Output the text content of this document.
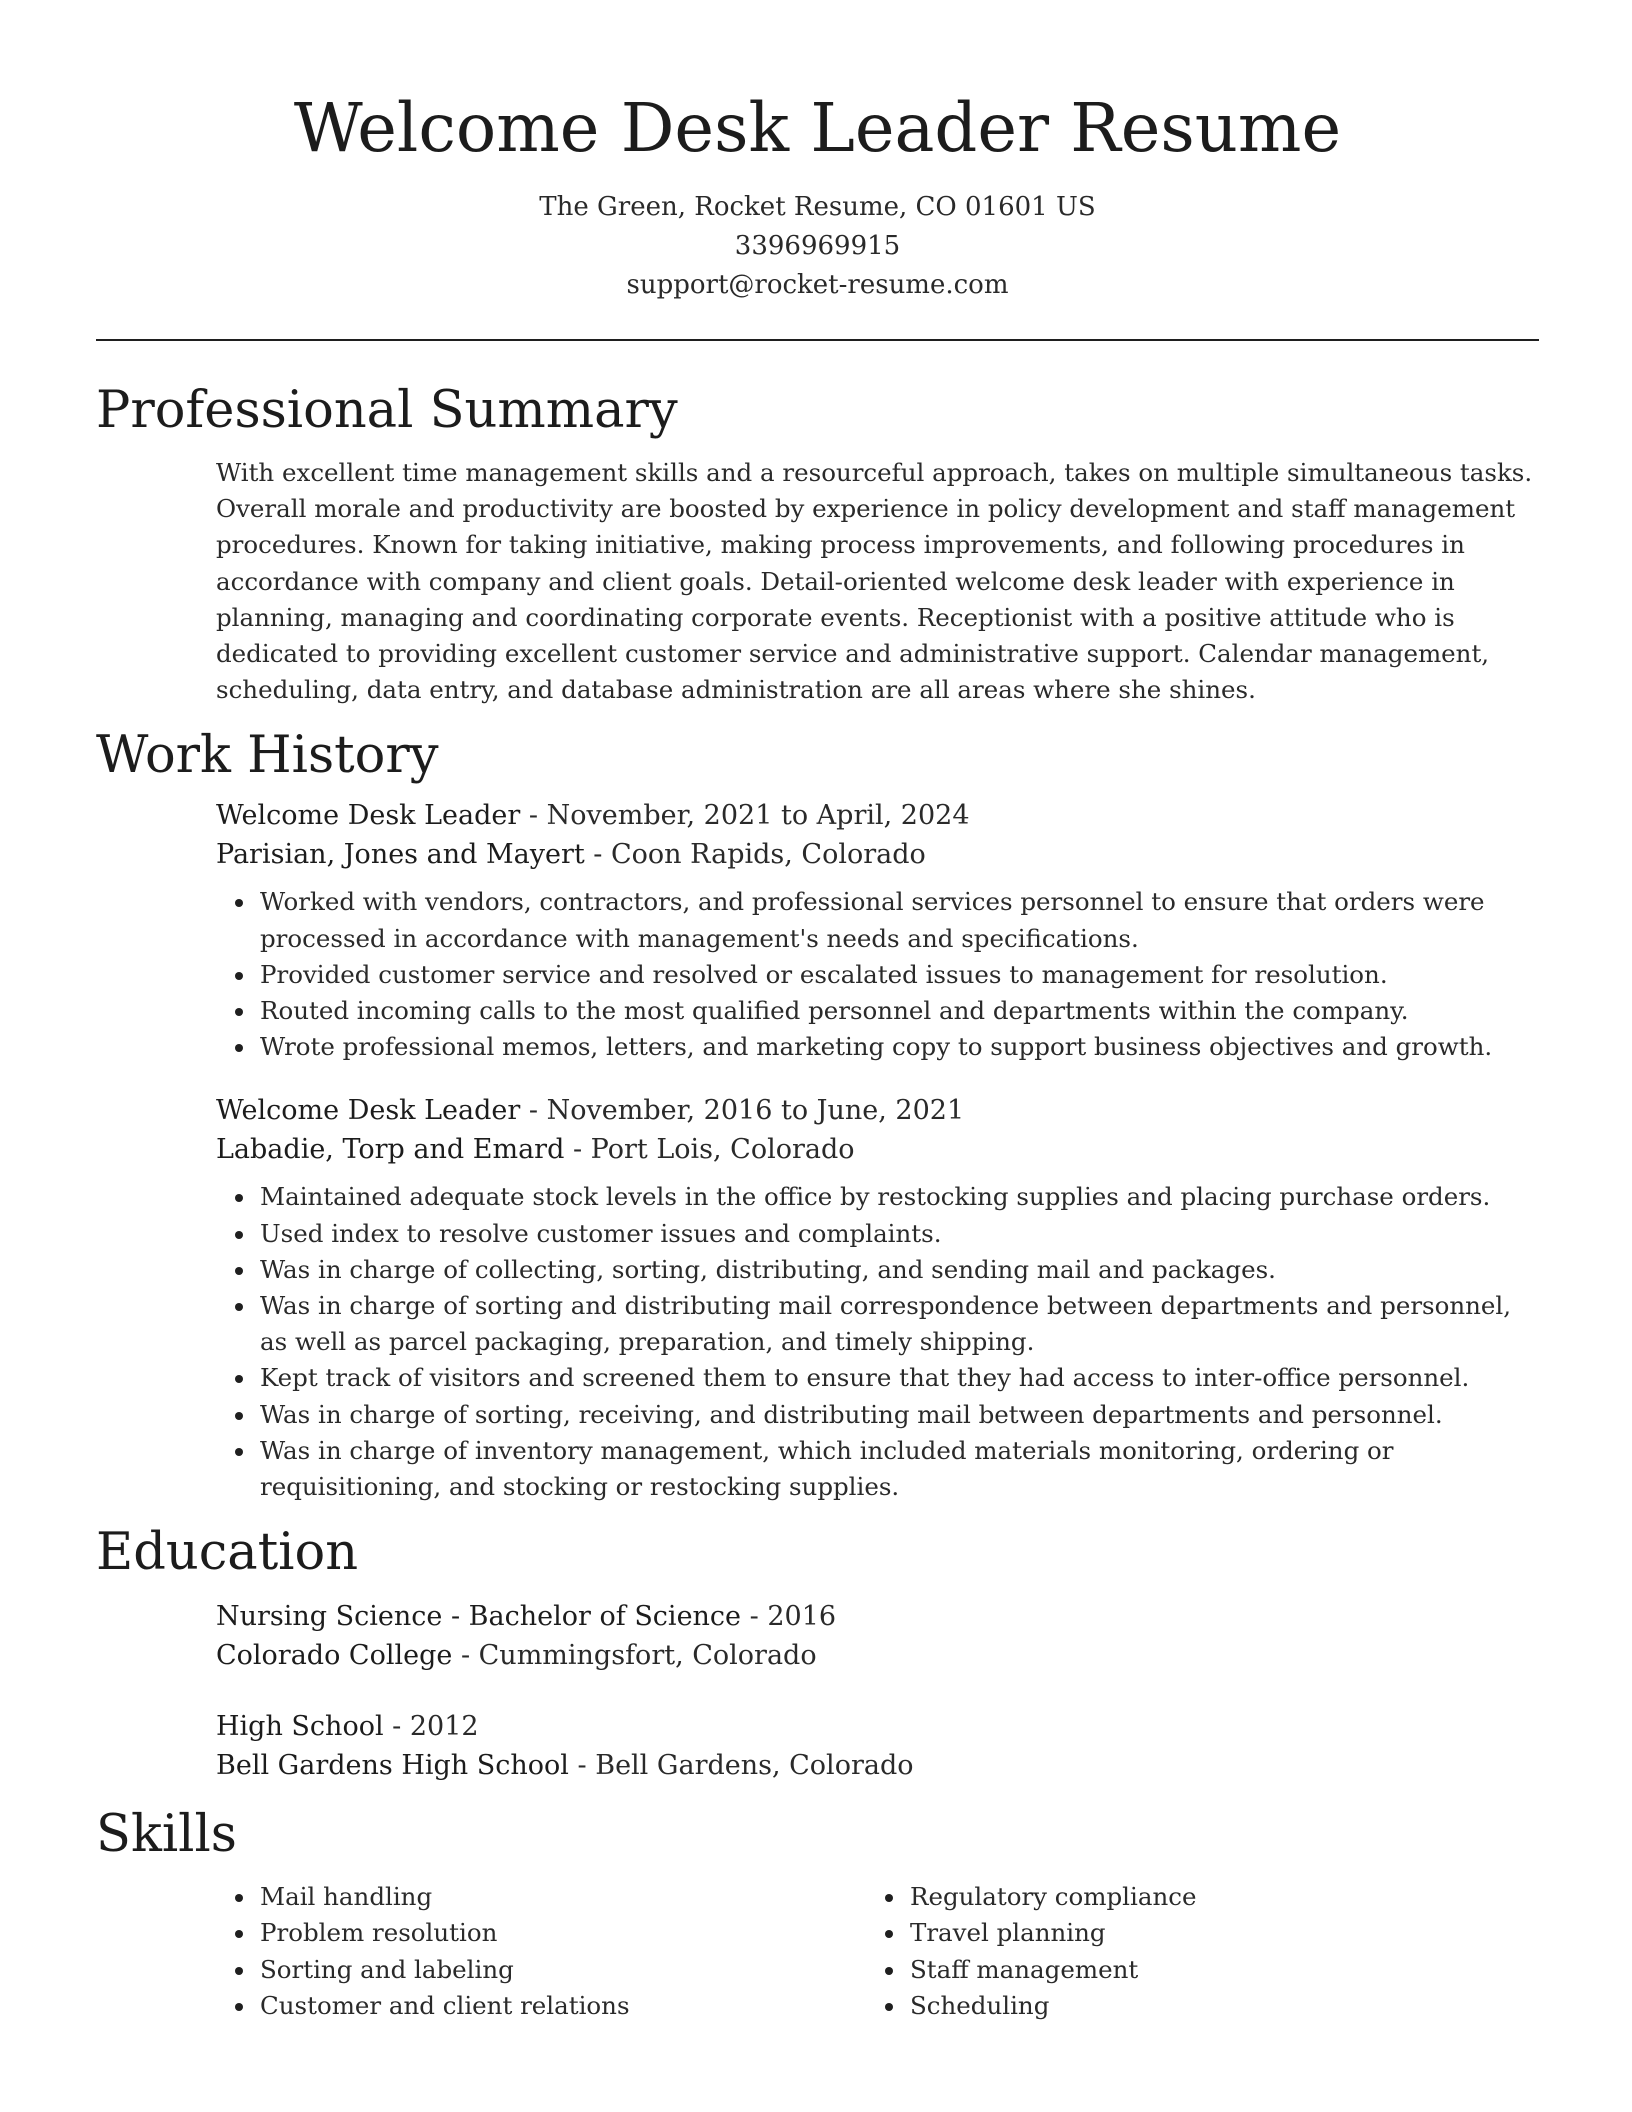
Welcome Desk Leader Resume
The Green, Rocket Resume, CO 01601 US
3396969915
support@rocket-resume.com
Professional Summary

With excellent time management skills and a resourceful approach, takes on multiple simultaneous tasks. Overall morale and productivity are boosted by experience in policy development and staff management procedures. Known for taking initiative, making process improvements, and following procedures in accordance with company and client goals. Detail-oriented welcome desk leader with experience in planning, managing and coordinating corporate events. Receptionist with a positive attitude who is dedicated to providing excellent customer service and administrative support. Calendar management, scheduling, data entry, and database administration are all areas where she shines.

Work History
Welcome Desk Leader - November, 2021 to April, 2024
Parisian, Jones and Mayert - Coon Rapids, Colorado
Worked with vendors, contractors, and professional services personnel to ensure that orders were processed in accordance with management's needs and specifications.
Provided customer service and resolved or escalated issues to management for resolution.
Routed incoming calls to the most qualified personnel and departments within the company.
Wrote professional memos, letters, and marketing copy to support business objectives and growth.
Welcome Desk Leader - November, 2016 to June, 2021
Labadie, Torp and Emard - Port Lois, Colorado
Maintained adequate stock levels in the office by restocking supplies and placing purchase orders.
Used index to resolve customer issues and complaints.
Was in charge of collecting, sorting, distributing, and sending mail and packages.
Was in charge of sorting and distributing mail correspondence between departments and personnel, as well as parcel packaging, preparation, and timely shipping.
Kept track of visitors and screened them to ensure that they had access to inter-office personnel.
Was in charge of sorting, receiving, and distributing mail between departments and personnel.
Was in charge of inventory management, which included materials monitoring, ordering or requisitioning, and stocking or restocking supplies.
Education
Nursing Science - Bachelor of Science - 2016
Colorado College - Cummingsfort, Colorado
High School - 2012
Bell Gardens High School - Bell Gardens, Colorado
Skills
Mail handling
Problem resolution
Sorting and labeling
Customer and client relations
Regulatory compliance
Travel planning
Staff management
Scheduling
